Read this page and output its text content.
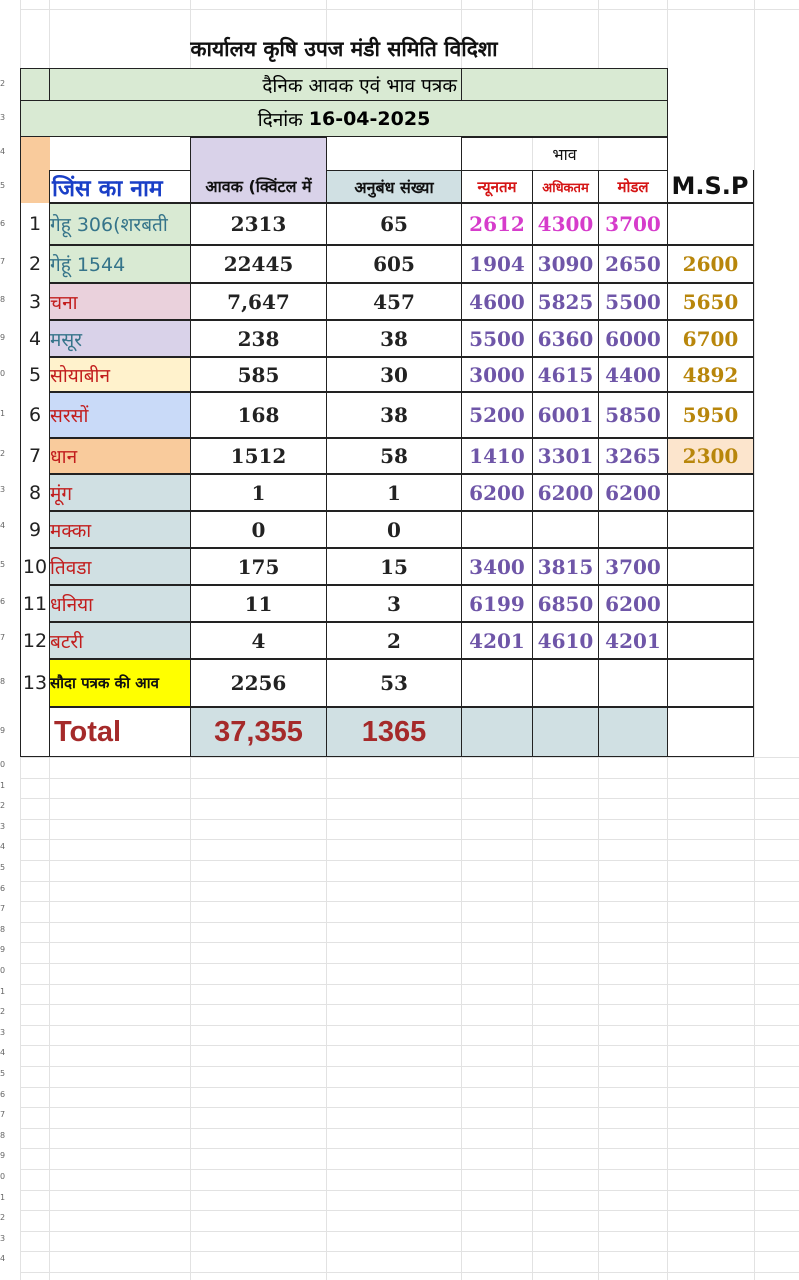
कार्यालय कृषि उपज मंडी समिति विदिशा
दैनिक आवक एवं भाव पत्रक
दिनांक 16-04-2025
जिंस का नाम	आवक (क्विंटल में	अनुबंध संख्या
भाव
न्यूनतम अधिकतम मोडल M.S.P
1 गेहू 306(शरबती	2313	65	2612 4300 3700
2 गेहूं 1544	22445	605	1904 3090 2650 2600
3 चना	7,647	457	4600 5825 5500 5650
4 मसूर	238	38	5500 6360 6000 6700
5 सोयाबीन	585	30	3000 4615 4400 4892
6 सरसों	168	38	5200 6001 5850 5950
7 धान	1512	58	1410 3301 3265 2300
8 मूंग	1	1	6200 6200 6200
9 मक्का	0	0
10 तिवडा	175	15	3400 3815 3700
11 धनिया	11	3	6199 6850 6200
12 बटरी	4	2	4201 4610 4201
13 सौदा पत्रक की आव	2256	53
Total	37,355 1365
2
3
4
5
6
7
8
9
0
1
2
3
4
5
6
7
8
9
0
1
2
3
4
5
6
7
8
9
0
1
2
3
4
5
6
7
8
9
0
1
2
3
4
